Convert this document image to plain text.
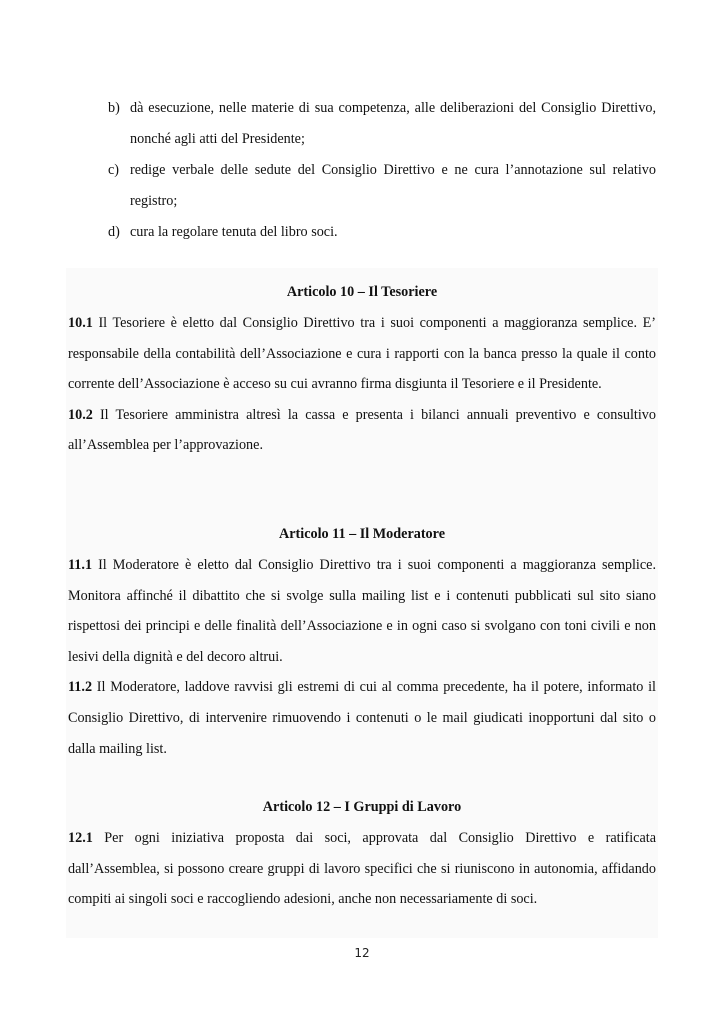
b) dà esecuzione, nelle materie di sua competenza, alle deliberazioni del Consiglio Direttivo, nonché agli atti del Presidente;
c) redige verbale delle sedute del Consiglio Direttivo e ne cura l’annotazione sul relativo registro;
d) cura la regolare tenuta del libro soci.
Articolo 10 – Il Tesoriere

10.1 Il Tesoriere è eletto dal Consiglio Direttivo tra i suoi componenti a maggioranza semplice. E’ responsabile della contabilità dell’Associazione e cura i rapporti con la banca presso la quale il conto corrente dell’Associazione è acceso su cui avranno firma disgiunta il Tesoriere e il Presidente.

10.2 Il Tesoriere amministra altresì la cassa e presenta i bilanci annuali preventivo e consultivo all’Assemblea per l’approvazione.

Articolo 11 – Il Moderatore

11.1 Il Moderatore è eletto dal Consiglio Direttivo tra i suoi componenti a maggioranza semplice. Monitora affinché il dibattito che si svolge sulla mailing list e i contenuti pubblicati sul sito siano rispettosi dei principi e delle finalità dell’Associazione e in ogni caso si svolgano con toni civili e non lesivi della dignità e del decoro altrui.

11.2 Il Moderatore, laddove ravvisi gli estremi di cui al comma precedente, ha il potere, informato il Consiglio Direttivo, di intervenire rimuovendo i contenuti o le mail giudicati inopportuni dal sito o dalla mailing list.

Articolo 12 – I Gruppi di Lavoro

12.1 Per ogni iniziativa proposta dai soci, approvata dal Consiglio Direttivo e ratificata dall’Assemblea, si possono creare gruppi di lavoro specifici che si riuniscono in autonomia, affidando compiti ai singoli soci e raccogliendo adesioni, anche non necessariamente di soci.

12
